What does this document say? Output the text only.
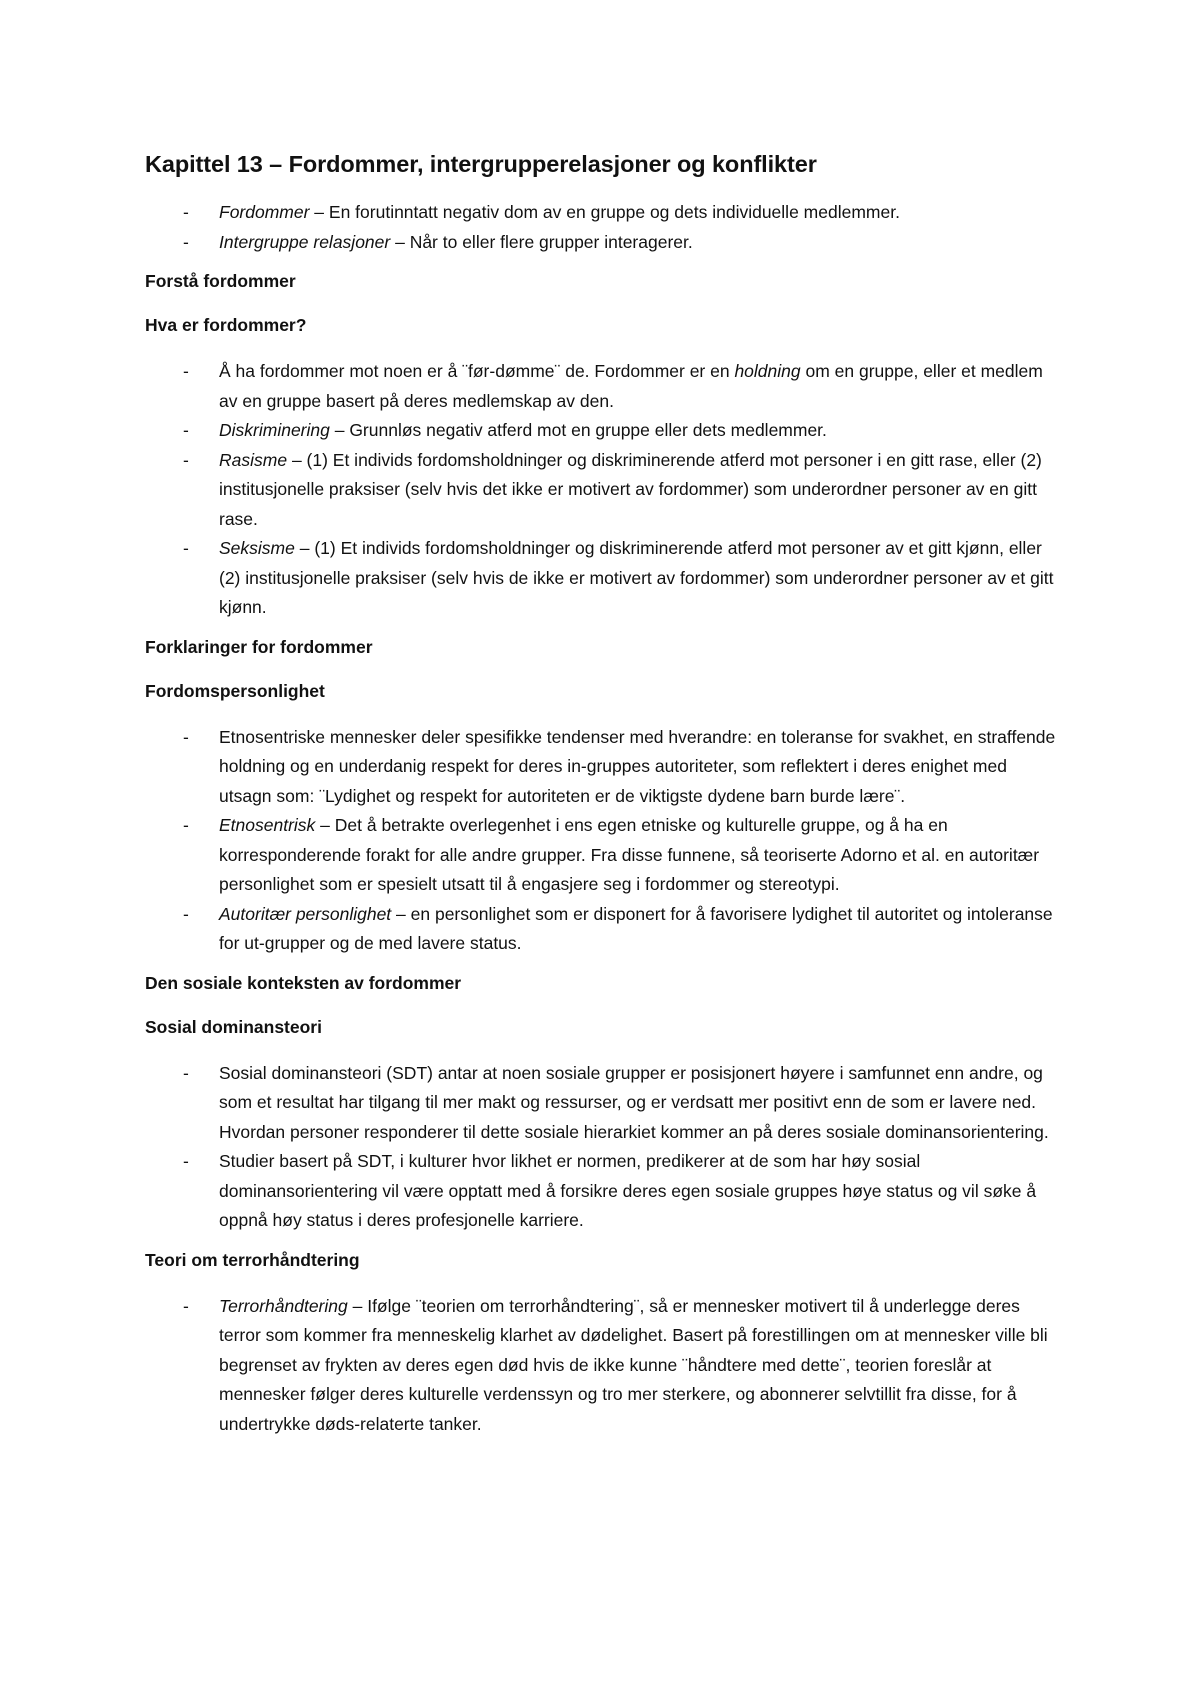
Kapittel 13 – Fordommer, intergrupperelasjoner og konflikter
- Fordommer – En forutinntatt negativ dom av en gruppe og dets individuelle medlemmer.
- Intergruppe relasjoner – Når to eller flere grupper interagerer.
Forstå fordommer
Hva er fordommer?
- Å ha fordommer mot noen er å ¨før-dømme¨ de. Fordommer er en holdning om en gruppe, eller et medlem av en gruppe basert på deres medlemskap av den.
- Diskriminering – Grunnløs negativ atferd mot en gruppe eller dets medlemmer.
- Rasisme – (1) Et individs fordomsholdninger og diskriminerende atferd mot personer i en gitt rase, eller (2) institusjonelle praksiser (selv hvis det ikke er motivert av fordommer) som underordner personer av en gitt rase.
- Seksisme – (1) Et individs fordomsholdninger og diskriminerende atferd mot personer av et gitt kjønn, eller (2) institusjonelle praksiser (selv hvis de ikke er motivert av fordommer) som underordner personer av et gitt kjønn.
Forklaringer for fordommer
Fordomspersonlighet
- Etnosentriske mennesker deler spesifikke tendenser med hverandre: en toleranse for svakhet, en straffende holdning og en underdanig respekt for deres in-gruppes autoriteter, som reflektert i deres enighet med utsagn som: ¨Lydighet og respekt for autoriteten er de viktigste dydene barn burde lære¨.
- Etnosentrisk – Det å betrakte overlegenhet i ens egen etniske og kulturelle gruppe, og å ha en korresponderende forakt for alle andre grupper. Fra disse funnene, så teoriserte Adorno et al. en autoritær personlighet som er spesielt utsatt til å engasjere seg i fordommer og stereotypi.
- Autoritær personlighet – en personlighet som er disponert for å favorisere lydighet til autoritet og intoleranse for ut-grupper og de med lavere status.
Den sosiale konteksten av fordommer
Sosial dominansteori
- Sosial dominansteori (SDT) antar at noen sosiale grupper er posisjonert høyere i samfunnet enn andre, og som et resultat har tilgang til mer makt og ressurser, og er verdsatt mer positivt enn de som er lavere ned. Hvordan personer responderer til dette sosiale hierarkiet kommer an på deres sosiale dominansorientering.
- Studier basert på SDT, i kulturer hvor likhet er normen, predikerer at de som har høy sosial dominansorientering vil være opptatt med å forsikre deres egen sosiale gruppes høye status og vil søke å oppnå høy status i deres profesjonelle karriere.
Teori om terrorhåndtering
- Terrorhåndtering – Ifølge ¨teorien om terrorhåndtering¨, så er mennesker motivert til å underlegge deres terror som kommer fra menneskelig klarhet av dødelighet. Basert på forestillingen om at mennesker ville bli begrenset av frykten av deres egen død hvis de ikke kunne ¨håndtere med dette¨, teorien foreslår at mennesker følger deres kulturelle verdenssyn og tro mer sterkere, og abonnerer selvtillit fra disse, for å undertrykke døds-relaterte tanker.
